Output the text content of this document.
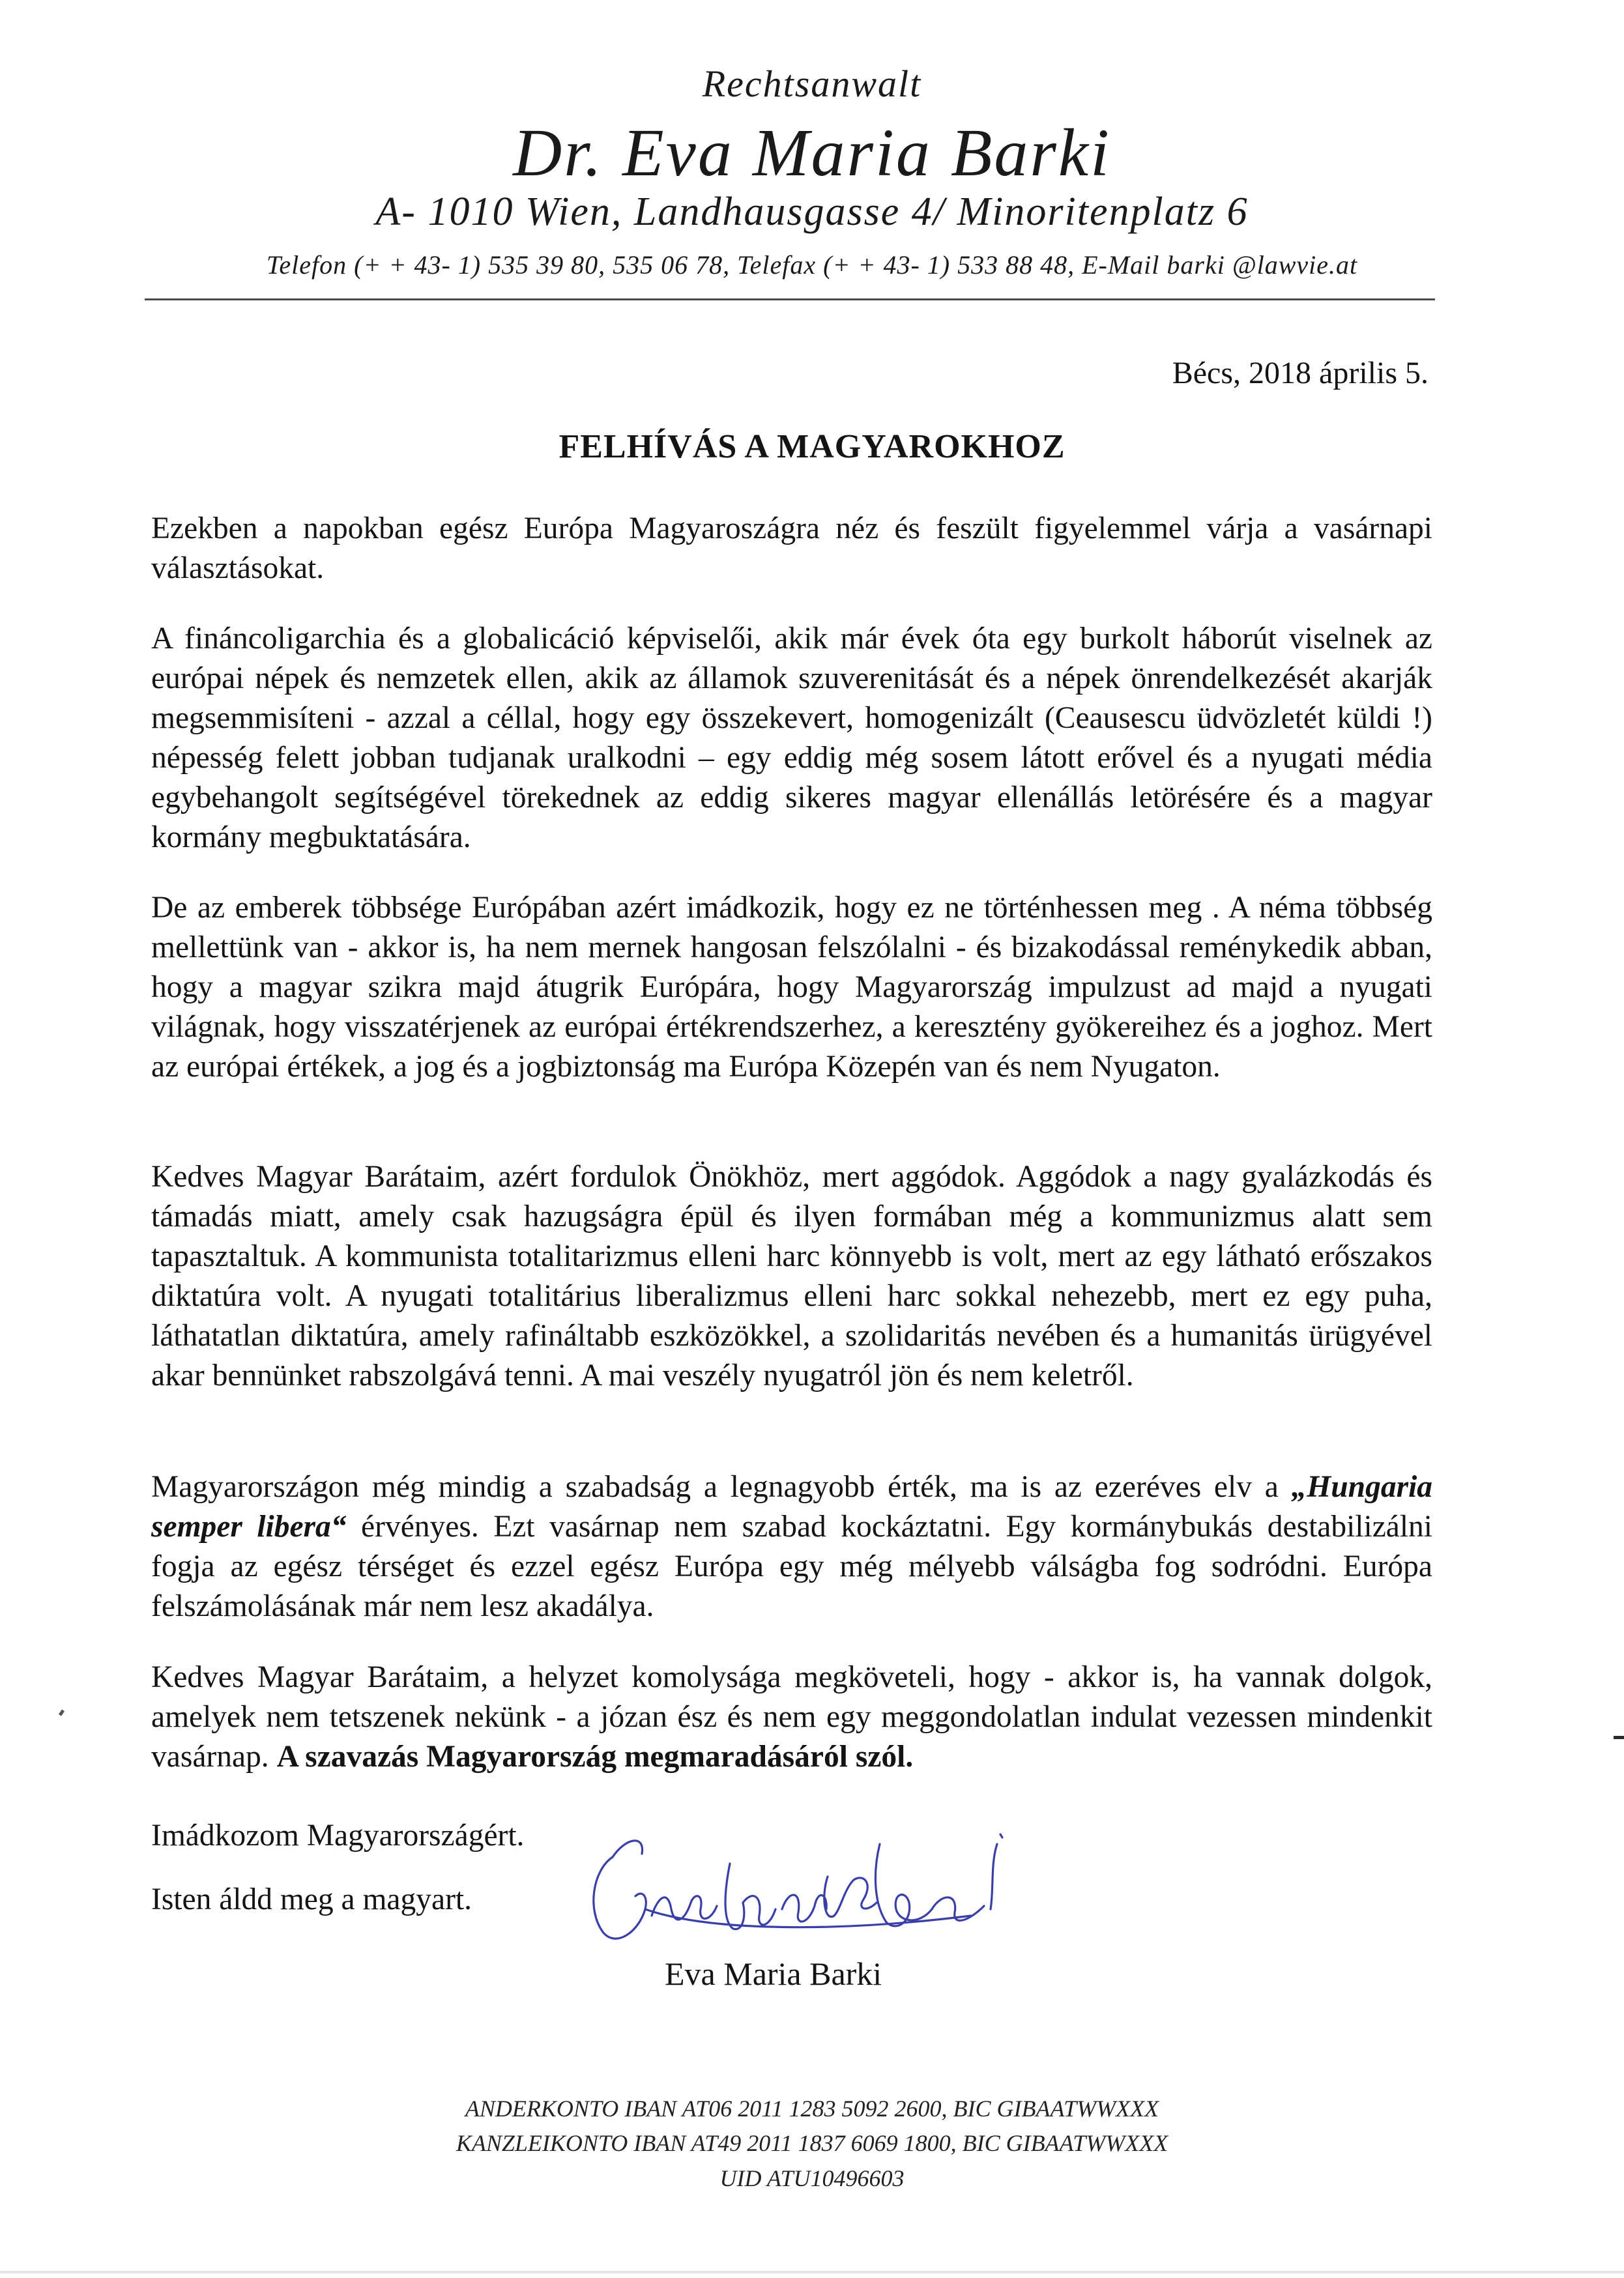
Rechtsanwalt
Dr. Eva Maria Barki
A- 1010 Wien, Landhausgasse 4/ Minoritenplatz 6
Telefon (+ + 43- 1) 535 39 80, 535 06 78, Telefax (+ + 43- 1) 533 88 48, E-Mail barki @lawvie.at
Bécs, 2018 április 5.
FELHÍVÁS A MAGYAROKHOZ

Ezekben a napokban egész Európa Magyaroszágra néz és feszült figyelemmel várja a vasárnapi választásokat.

A fináncoligarchia és a globalicáció képviselői, akik már évek óta egy burkolt háborút viselnek az európai népek és nemzetek ellen, akik az államok szuverenitását és a népek önrendelkezését akarják megsemmisíteni - azzal a céllal, hogy egy összekevert, homogenizált (Ceausescu üdvözletét küldi !) népesség felett jobban tudjanak uralkodni – egy eddig még sosem látott erővel és a nyugati média egybehangolt segítségével törekednek az eddig sikeres magyar ellenállás letörésére és a magyar kormány megbuktatására.

De az emberek többsége Európában azért imádkozik, hogy ez ne történhessen meg . A néma többség mellettünk van - akkor is, ha nem mernek hangosan felszólalni - és bizakodással reménykedik abban, hogy a magyar szikra majd átugrik Európára, hogy Magyarország impulzust ad majd a nyugati világnak, hogy visszatérjenek az európai értékrendszerhez, a keresztény gyökereihez és a joghoz. Mert az európai értékek, a jog és a jogbiztonság ma Európa Közepén van és nem Nyugaton.

Kedves Magyar Barátaim, azért fordulok Önökhöz, mert aggódok. Aggódok a nagy gyalázkodás és támadás miatt, amely csak hazugságra épül és ilyen formában még a kommunizmus alatt sem tapasztaltuk. A kommunista totalitarizmus elleni harc könnyebb is volt, mert az egy látható erőszakos diktatúra volt. A nyugati totalitárius liberalizmus elleni harc sokkal nehezebb, mert ez egy puha, láthatatlan diktatúra, amely rafináltabb eszközökkel, a szolidaritás nevében és a humanitás ürügyével akar bennünket rabszolgává tenni. A mai veszély nyugatról jön és nem keletről.

Magyarországon még mindig a szabadság a legnagyobb érték, ma is az ezeréves elv a „Hungaria semper libera“ érvényes. Ezt vasárnap nem szabad kockáztatni. Egy kormánybukás destabilizálni fogja az egész térséget és ezzel egész Európa egy még mélyebb válságba fog sodródni. Európa felszámolásának már nem lesz akadálya.

Kedves Magyar Barátaim, a helyzet komolysága megköveteli, hogy - akkor is, ha vannak dolgok, amelyek nem tetszenek nekünk - a józan ész és nem egy meggondolatlan indulat vezessen mindenkit vasárnap. A szavazás Magyarország megmaradásáról szól.

Imádkozom Magyarországért.
Isten áldd meg a magyart.
Eva Maria Barki
ANDERKONTO IBAN AT06 2011 1283 5092 2600, BIC GIBAATWWXXX
KANZLEIKONTO IBAN AT49 2011 1837 6069 1800, BIC GIBAATWWXXX
UID ATU10496603
